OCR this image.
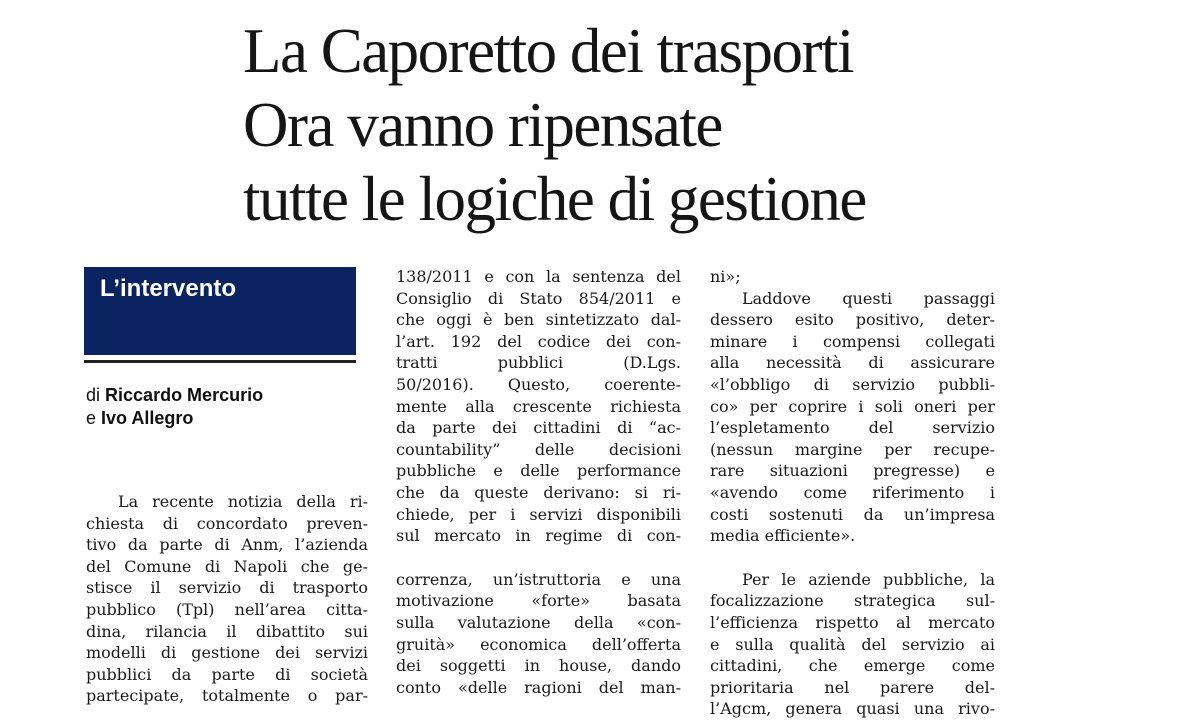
La Caporetto dei trasporti
Ora vanno ripensate
tutte le logiche di gestione
L’intervento
di Riccardo Mercurio
e Ivo Allegro

  La recente notizia della ri-
chiesta di concordato preven-
tivo da parte di Anm, l’azienda
del Comune di Napoli che ge-
stisce il servizio di trasporto
pubblico (Tpl) nell’area citta-
dina, rilancia il dibattito sui
modelli di gestione dei servizi
pubblici da parte di società
partecipate, totalmente o par-

138/2011 e con la sentenza del
Consiglio di Stato 854/2011 e
che oggi è ben sintetizzato dal-
l’art. 192 del codice dei con-
tratti pubblici (D.Lgs.
50/2016). Questo, coerente-
mente alla crescente richiesta
da parte dei cittadini di “ac-
countability” delle decisioni
pubbliche e delle performance
che da queste derivano: si ri-
chiede, per i servizi disponibili
sul mercato in regime di con-

correnza, un’istruttoria e una
motivazione «forte» basata
sulla valutazione della «con-
gruità» economica dell’offerta
dei soggetti in house, dando
conto «delle ragioni del man-

ni»;

  Laddove questi passaggi
dessero esito positivo, deter-
minare i compensi collegati
alla necessità di assicurare
«l’obbligo di servizio pubbli-
co» per coprire i soli oneri per
l’espletamento del servizio
(nessun margine per recupe-
rare situazioni pregresse) e
«avendo come riferimento i
costi sostenuti da un’impresa
media efficiente».

  Per le aziende pubbliche, la
focalizzazione strategica sul-
l’efficienza rispetto al mercato
e sulla qualità del servizio ai
cittadini, che emerge come
prioritaria nel parere del-
l’Agcm, genera quasi una rivo-
